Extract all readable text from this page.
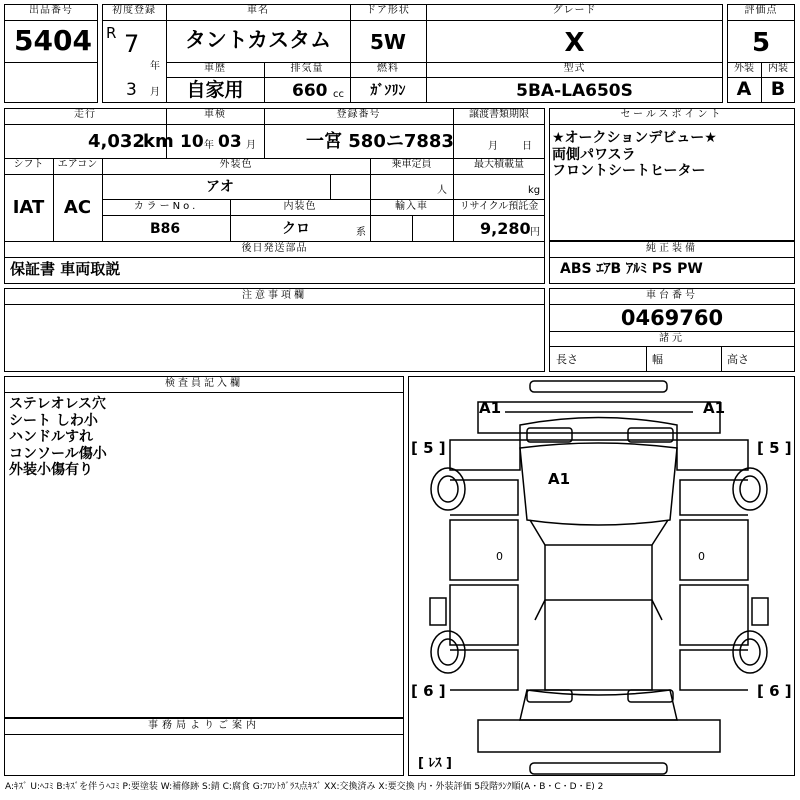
出品番号
5404
初度登録
R 7
年
3 月
車名
タントカスタム
ドア形状
5W
グレード
X
車歴
自家用
排気量
660 cc
燃料
ｶﾞｿﾘﾝ
型式
5BA-LA650S
評価点
5
外装	内装
A	B
走行
4,032
km
車検
10 年 03 月
登録番号
一宮 580ニ7883
譲渡書類期限
月 日
シフト
IAT
エアコン
AC
外装色
アオ
乗車定員
人
最大積載量
kg
カラーNo.
B86
内装色
クロ	系
輸入車	リサイクル預託金
9,280 円
後日発送部品
保証書 車両取説
セールスポイント
★オークションデビュー★
両側パワスラ
フロントシートヒーター
純正装備
ABS ｴｱB ｱﾙﾐ PS PW
注意事項欄	車台番号
0469760
諸元
長さ	幅	高さ
検査員記入欄
ステレオレス穴
シート しわ小
ハンドルすれ
コンソール傷小
外装小傷有り
事務局よりご案内
A1	A1
A1
[ 5 ]	[ 5 ]
[ 6 ]	[ 6 ]
[ ﾚｽ ]
0	0
A:ｷｽﾞ U:ﾍｺﾐ B:ｷｽﾞを伴うﾍｺﾐ P:要塗装 W:補修跡 S:錆 C:腐食 G:ﾌﾛﾝﾄｶﾞﾗｽ点ｷｽﾞ XX:交換済み X:要交換 内・外装評価 5段階ﾗﾝｸ順(A・B・C・D・E) 2
